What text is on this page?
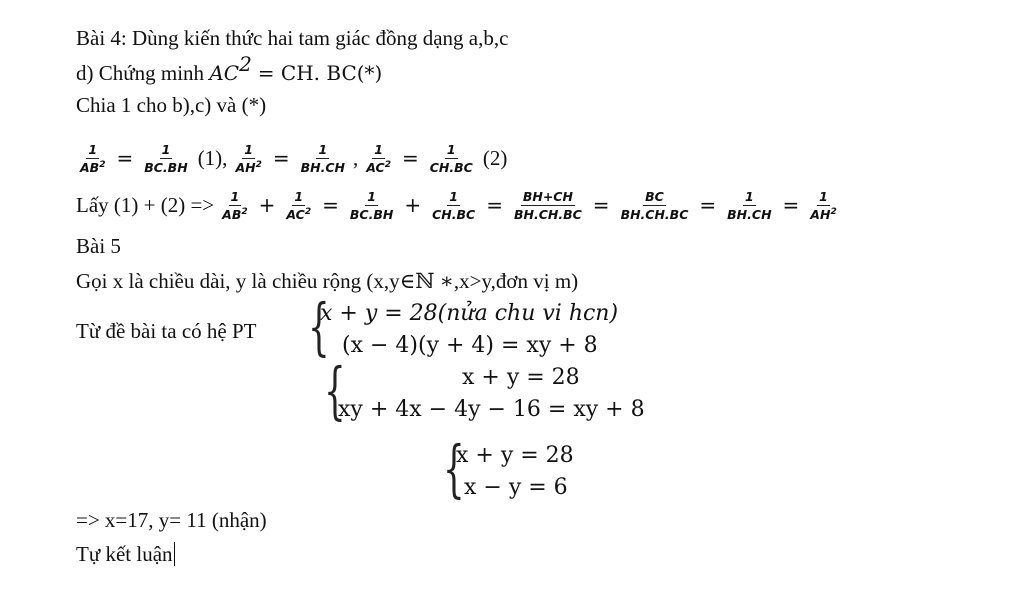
Bài 4: Dùng kiến thức hai tam giác đồng dạng a,b,c
d) Chứng minh $AC^2$ = CH. BC(*)
Chia 1 cho b),c) và (*)
$\frac{1}{AB^2} = \frac{1}{BC.BH} (1)$, $\frac{1}{AH^2} = \frac{1}{BH.CH}$ , $\frac{1}{AC^2} = \frac{1}{CH.BC} (2)$
Lấy $(1) + (2) => \frac{1}{AB^2} + \frac{1}{AC^2} = \frac{1}{BC.BH} + \frac{1}{CH.BC} = \frac{BH+CH}{BH.CH.BC} = \frac{BC}{BH.CH.BC} = \frac{1}{BH.CH} = \frac{1}{AH^2}$
Bài 5
Gọi x là chiều dài, y là chiều rộng (x,y∈ℕ ∗,x>y,đơn vị m)
Từ đề bài ta có hệ PT {
x + y = 28(nửa chu vi hcn)
(x − 4)(y + 4) = xy + 8
{	x + y = 28
xy + 4x − 4y − 16 = xy + 8
{
x + y = 28
x − y = 6
=> x=17, y= 11 (nhận)
Tự kết luận
